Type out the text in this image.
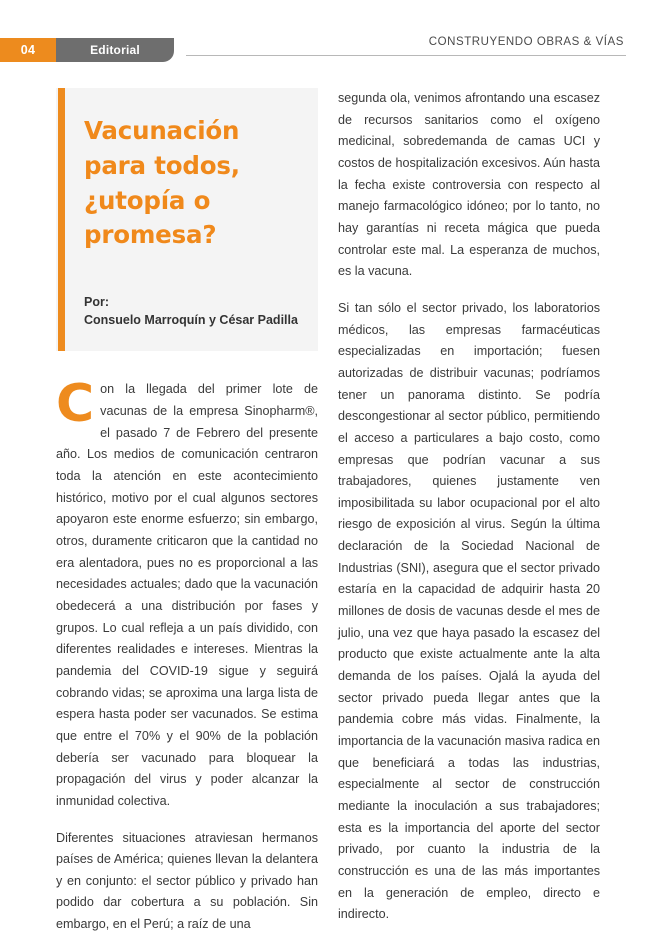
04	Editorial
CONSTRUYENDO OBRAS & VÍAS
Vacunación para todos, ¿utopía o promesa?
Por:
Consuelo Marroquín y César Padilla

Con la llegada del primer lote de vacunas de la empresa Sinopharm®, el pasado 7 de Febrero del presente año. Los medios de comunicación centraron toda la atención en este acontecimiento histórico, motivo por el cual algunos sectores apoyaron este enorme esfuerzo; sin embargo, otros, duramente criticaron que la cantidad no era alentadora, pues no es proporcional a las necesidades actuales; dado que la vacunación obedecerá a una distribución por fases y grupos. Lo cual refleja a un país dividido, con diferentes realidades e intereses. Mientras la pandemia del COVID-19 sigue y seguirá cobrando vidas; se aproxima una larga lista de espera hasta poder ser vacunados. Se estima que entre el 70% y el 90% de la población debería ser vacunado para bloquear la propagación del virus y poder alcanzar la inmunidad colectiva.

Diferentes situaciones atraviesan hermanos países de América; quienes llevan la delantera y en conjunto: el sector público y privado han podido dar cobertura a su población. Sin embargo, en el Perú; a raíz de una

segunda ola, venimos afrontando una escasez de recursos sanitarios como el oxígeno medicinal, sobredemanda de camas UCI y costos de hospitalización excesivos. Aún hasta la fecha existe controversia con respecto al manejo farmacológico idóneo; por lo tanto, no hay garantías ni receta mágica que pueda controlar este mal. La esperanza de muchos, es la vacuna.

Si tan sólo el sector privado, los laboratorios médicos, las empresas farmacéuticas especializadas en importación; fuesen autorizadas de distribuir vacunas; podríamos tener un panorama distinto. Se podría descongestionar al sector público, permitiendo el acceso a particulares a bajo costo, como empresas que podrían vacunar a sus trabajadores, quienes justamente ven imposibilitada su labor ocupacional por el alto riesgo de exposición al virus. Según la última declaración de la Sociedad Nacional de Industrias (SNI), asegura que el sector privado estaría en la capacidad de adquirir hasta 20 millones de dosis de vacunas desde el mes de julio, una vez que haya pasado la escasez del producto que existe actualmente ante la alta demanda de los países. Ojalá la ayuda del sector privado pueda llegar antes que la pandemia cobre más vidas. Finalmente, la importancia de la vacunación masiva radica en que beneficiará a todas las industrias, especialmente al sector de construcción mediante la inoculación a sus trabajadores; esta es la importancia del aporte del sector privado, por cuanto la industria de la construcción es una de las más importantes en la generación de empleo, directo e indirecto.
